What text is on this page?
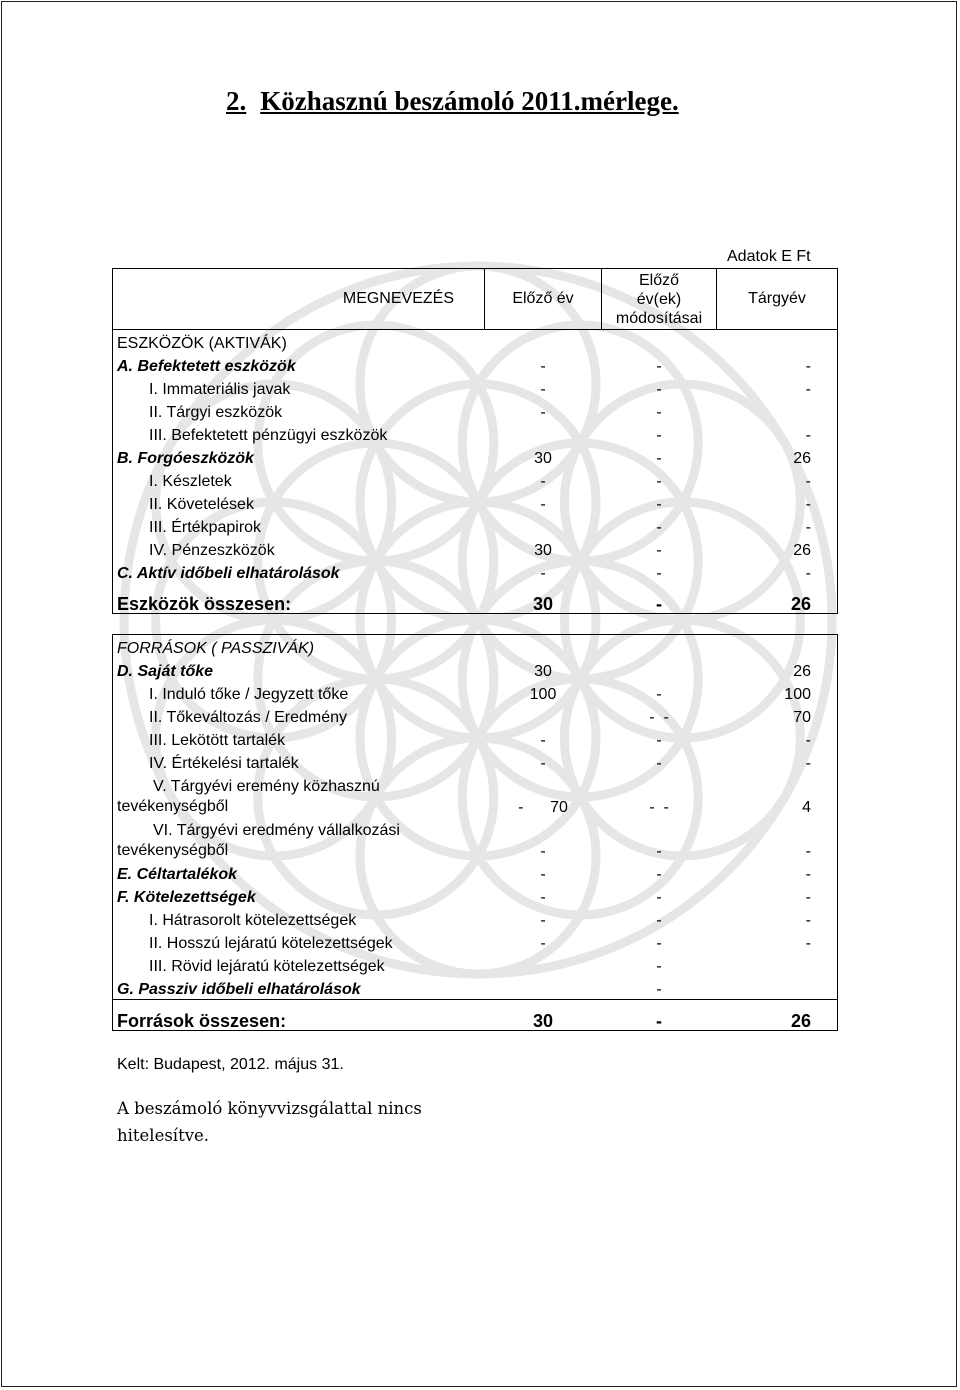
2. Közhasznú beszámoló 2011.mérlege.
Adatok E Ft
MEGNEVEZÉS	Előző év	Előző
év(ek)
módosításai	Tárgyév
ESZKÖZÖK (AKTIVÁK)			
A. Befektetett eszközök	-	-	-
I. Immateriális javak	-	-	-
II. Tárgyi eszközök	-	-	
III. Befektetett pénzügyi eszközök		-	-
B. Forgóeszközök	30	-	26
I. Készletek	-	-	-
II. Követelések	-	-	-
III. Értékpapirok		-	-
IV. Pénzeszközök	30	-	26
C. Aktív időbeli elhatárolások	-	-	-
Eszközök összesen:	30	-	26

FORRÁSOK ( PASSZIVÁK)			
D. Saját tőke	30		26
I. Induló tőke / Jegyzett tőke	100	-	100
II. Tőkeváltozás / Eredmény		-  -	70
III. Lekötött tartalék	-	-	-
IV. Értékelési tartalék	-	-	-
V. Tárgyévi eremény közhasznú
tevékenységből	-      70	-  -	4
VI. Tárgyévi eredmény vállalkozási
tevékenységből	-	-	-
E. Céltartalékok	-	-	-
F. Kötelezettségek	-	-	-
I. Hátrasorolt kötelezettségek	-	-	-
II. Hosszú lejáratú kötelezettségek	-	-	-
III. Rövid lejáratú kötelezettségek		-	
G. Passziv időbeli elhatárolások		-	
Források összesen:	30	-	26
Kelt: Budapest, 2012. május 31.
A beszámoló könyvvizsgálattal nincs hitelesítve.
